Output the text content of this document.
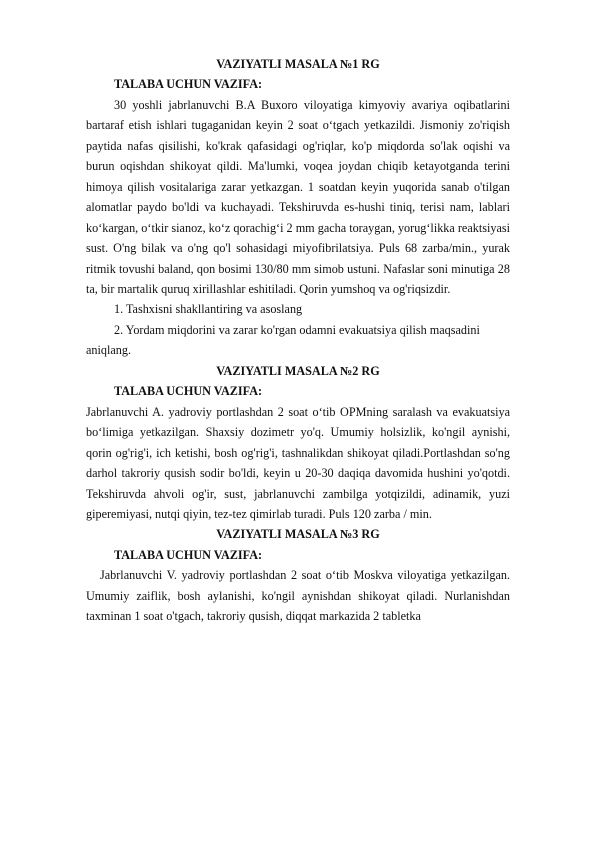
VAZIYATLI MASALA №1 RG

TALABA UCHUN VAZIFA:

30 yoshli jabrlanuvchi B.A Buxoro viloyatiga kimyoviy avariya oqibatlarini bartaraf etish ishlari tugaganidan keyin 2 soat o‘tgach yetkazildi. Jismoniy zo'riqish paytida nafas qisilishi, ko'krak qafasidagi og'riqlar, ko'p miqdorda so'lak oqishi va burun oqishdan shikoyat qildi. Ma'lumki, voqea joydan chiqib ketayotganda terini himoya qilish vositalariga zarar yetkazgan. 1 soatdan keyin yuqorida sanab o'tilgan alomatlar paydo bo'ldi va kuchayadi. Tekshiruvda es-hushi tiniq, terisi nam, lablari ko‘kargan, o‘tkir sianoz, ko‘z qorachig‘i 2 mm gacha toraygan, yorug‘likka reaktsiyasi sust. O'ng bilak va o'ng qo'l sohasidagi miyofibrilatsiya. Puls 68 zarba/min., yurak ritmik tovushi baland, qon bosimi 130/80 mm simob ustuni. Nafaslar soni minutiga 28 ta, bir martalik quruq xirillashlar eshitiladi. Qorin yumshoq va og'riqsizdir.

1. Tashxisni shakllantiring va asoslang

2. Yordam miqdorini va zarar ko'rgan odamni evakuatsiya qilish maqsadini aniqlang.

VAZIYATLI MASALA №2 RG

TALABA UCHUN VAZIFA:

Jabrlanuvchi A. yadroviy portlashdan 2 soat o‘tib OPMning saralash va evakuatsiya bo‘limiga yetkazilgan. Shaxsiy dozimetr yo'q. Umumiy holsizlik, ko'ngil aynishi, qorin og'rig'i, ich ketishi, bosh og'rig'i, tashnalikdan shikoyat qiladi.Portlashdan so'ng darhol takroriy qusish sodir bo'ldi, keyin u 20-30 daqiqa davomida hushini yo'qotdi. Tekshiruvda ahvoli og'ir, sust, jabrlanuvchi zambilga yotqizildi, adinamik, yuzi giperemiyasi, nutqi qiyin, tez-tez qimirlab turadi. Puls 120 zarba / min.

VAZIYATLI MASALA №3 RG

TALABA UCHUN VAZIFA:

Jabrlanuvchi V. yadroviy portlashdan 2 soat o‘tib Moskva viloyatiga yetkazilgan. Umumiy zaiflik, bosh aylanishi, ko'ngil aynishdan shikoyat qiladi. Nurlanishdan taxminan 1 soat o'tgach, takroriy qusish, diqqat markazida 2 tabletka
